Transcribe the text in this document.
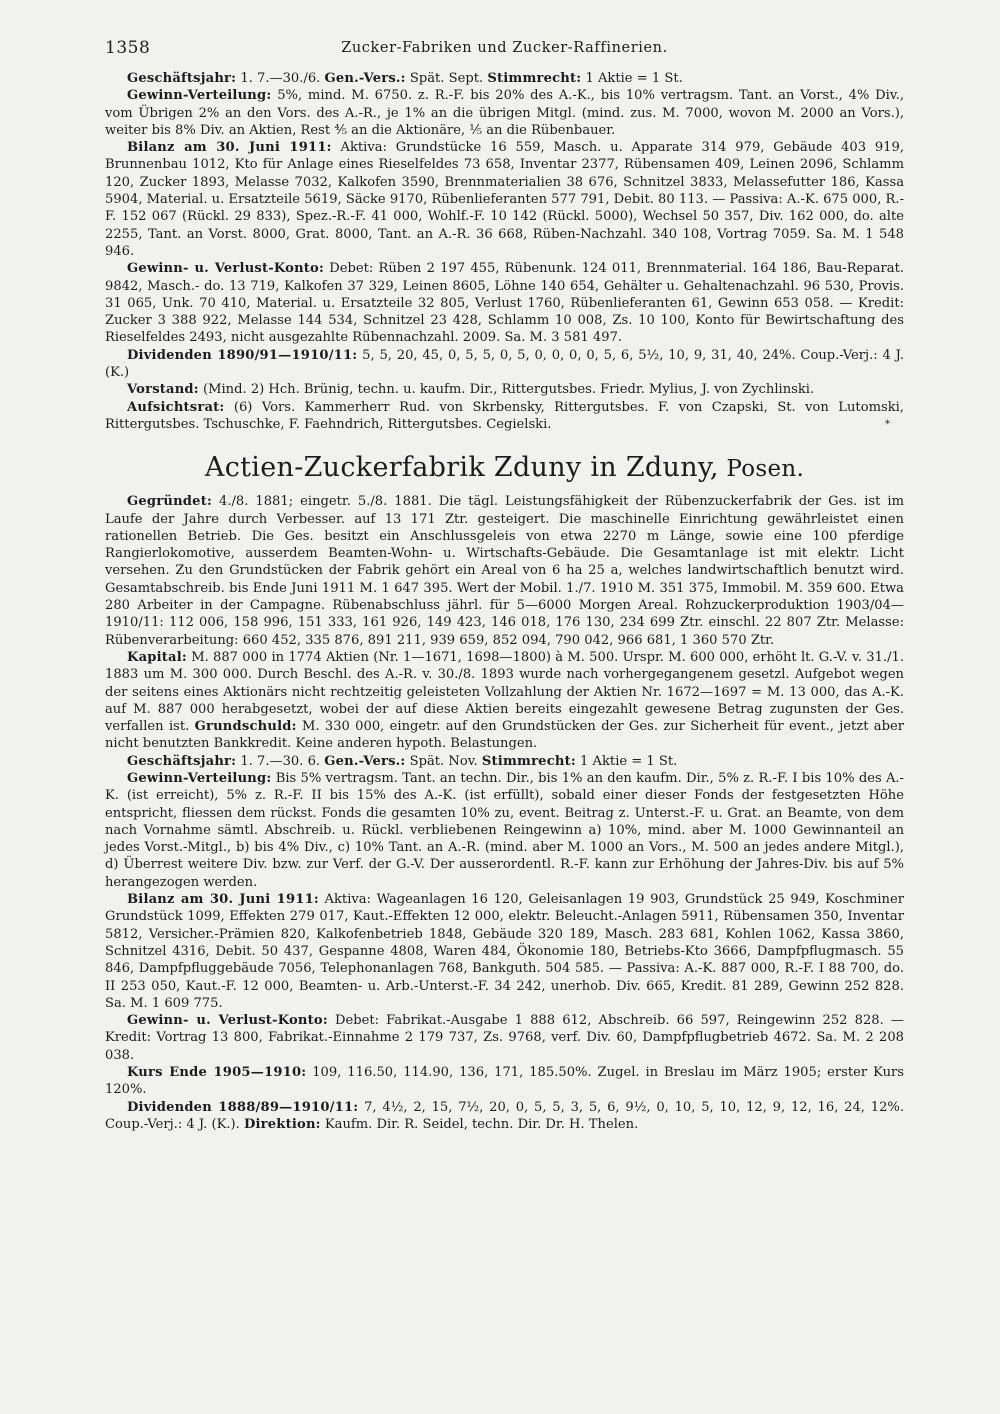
1358	Zucker-Fabriken und Zucker-Raffinerien.

Geschäftsjahr: 1. 7.—30./6. Gen.-Vers.: Spät. Sept. Stimmrecht: 1 Aktie = 1 St.

Gewinn-Verteilung: 5%, mind. M. 6750. z. R.-F. bis 20% des A.-K., bis 10% vertragsm. Tant. an Vorst., 4% Div., vom Übrigen 2% an den Vors. des A.-R., je 1% an die übrigen Mitgl. (mind. zus. M. 7000, wovon M. 2000 an Vors.), weiter bis 8% Div. an Aktien, Rest ⅘ an die Aktionäre, ⅕ an die Rübenbauer.

Bilanz am 30. Juni 1911: Aktiva: Grundstücke 16 559, Masch. u. Apparate 314 979, Gebäude 403 919, Brunnenbau 1012, Kto für Anlage eines Rieselfeldes 73 658, Inventar 2377, Rübensamen 409, Leinen 2096, Schlamm 120, Zucker 1893, Melasse 7032, Kalkofen 3590, Brennmaterialien 38 676, Schnitzel 3833, Melassefutter 186, Kassa 5904, Material. u. Ersatzteile 5619, Säcke 9170, Rübenlieferanten 577 791, Debit. 80 113. — Passiva: A.-K. 675 000, R.-F. 152 067 (Rückl. 29 833), Spez.-R.-F. 41 000, Wohlf.-F. 10 142 (Rückl. 5000), Wechsel 50 357, Div. 162 000, do. alte 2255, Tant. an Vorst. 8000, Grat. 8000, Tant. an A.-R. 36 668, Rüben-Nachzahl. 340 108, Vortrag 7059. Sa. M. 1 548 946.

Gewinn- u. Verlust-Konto: Debet: Rüben 2 197 455, Rübenunk. 124 011, Brennmaterial. 164 186, Bau-Reparat. 9842, Masch.- do. 13 719, Kalkofen 37 329, Leinen 8605, Löhne 140 654, Gehälter u. Gehaltenachzahl. 96 530, Provis. 31 065, Unk. 70 410, Material. u. Ersatzteile 32 805, Verlust 1760, Rübenlieferanten 61, Gewinn 653 058. — Kredit: Zucker 3 388 922, Melasse 144 534, Schnitzel 23 428, Schlamm 10 008, Zs. 10 100, Konto für Bewirtschaftung des Rieselfeldes 2493, nicht ausgezahlte Rübennachzahl. 2009. Sa. M. 3 581 497.

Dividenden 1890/91—1910/11: 5, 5, 20, 45, 0, 5, 5, 0, 5, 0, 0, 0, 0, 5, 6, 5½, 10, 9, 31, 40, 24%. Coup.-Verj.: 4 J. (K.)

Vorstand: (Mind. 2) Hch. Brünig, techn. u. kaufm. Dir., Rittergutsbes. Friedr. Mylius, J. von Zychlinski.

Aufsichtsrat: (6) Vors. Kammerherr Rud. von Skrbensky, Rittergutsbes. F. von Czapski, St. von Lutomski, Rittergutsbes. Tschuschke, F. Faehndrich, Rittergutsbes. Cegielski.	*

Actien-Zuckerfabrik Zduny in Zduny, Posen.

Gegründet: 4./8. 1881; eingetr. 5./8. 1881. Die tägl. Leistungsfähigkeit der Rübenzuckerfabrik der Ges. ist im Laufe der Jahre durch Verbesser. auf 13 171 Ztr. gesteigert. Die maschinelle Einrichtung gewährleistet einen rationellen Betrieb. Die Ges. besitzt ein Anschlussgeleis von etwa 2270 m Länge, sowie eine 100 pferdige Rangierlokomotive, ausserdem Beamten-Wohn- u. Wirtschafts-Gebäude. Die Gesamtanlage ist mit elektr. Licht versehen. Zu den Grundstücken der Fabrik gehört ein Areal von 6 ha 25 a, welches landwirtschaftlich benutzt wird. Gesamtabschreib. bis Ende Juni 1911 M. 1 647 395. Wert der Mobil. 1./7. 1910 M. 351 375, Immobil. M. 359 600. Etwa 280 Arbeiter in der Campagne. Rübenabschluss jährl. für 5—6000 Morgen Areal. Rohzuckerproduktion 1903/04—1910/11: 112 006, 158 996, 151 333, 161 926, 149 423, 146 018, 176 130, 234 699 Ztr. einschl. 22 807 Ztr. Melasse: Rübenverarbeitung: 660 452, 335 876, 891 211, 939 659, 852 094, 790 042, 966 681, 1 360 570 Ztr.

Kapital: M. 887 000 in 1774 Aktien (Nr. 1—1671, 1698—1800) à M. 500. Urspr. M. 600 000, erhöht lt. G.-V. v. 31./1. 1883 um M. 300 000. Durch Beschl. des A.-R. v. 30./8. 1893 wurde nach vorhergegangenem gesetzl. Aufgebot wegen der seitens eines Aktionärs nicht rechtzeitig geleisteten Vollzahlung der Aktien Nr. 1672—1697 = M. 13 000, das A.-K. auf M. 887 000 herabgesetzt, wobei der auf diese Aktien bereits eingezahlt gewesene Betrag zugunsten der Ges. verfallen ist. Grundschuld: M. 330 000, eingetr. auf den Grundstücken der Ges. zur Sicherheit für event., jetzt aber nicht benutzten Bankkredit. Keine anderen hypoth. Belastungen.

Geschäftsjahr: 1. 7.—30. 6. Gen.-Vers.: Spät. Nov. Stimmrecht: 1 Aktie = 1 St.

Gewinn-Verteilung: Bis 5% vertragsm. Tant. an techn. Dir., bis 1% an den kaufm. Dir., 5% z. R.-F. I bis 10% des A.-K. (ist erreicht), 5% z. R.-F. II bis 15% des A.-K. (ist erfüllt), sobald einer dieser Fonds der festgesetzten Höhe entspricht, fliessen dem rückst. Fonds die gesamten 10% zu, event. Beitrag z. Unterst.-F. u. Grat. an Beamte, von dem nach Vornahme sämtl. Abschreib. u. Rückl. verbliebenen Reingewinn a) 10%, mind. aber M. 1000 Gewinnanteil an jedes Vorst.-Mitgl., b) bis 4% Div., c) 10% Tant. an A.-R. (mind. aber M. 1000 an Vors., M. 500 an jedes andere Mitgl.), d) Überrest weitere Div. bzw. zur Verf. der G.-V. Der ausserordentl. R.-F. kann zur Erhöhung der Jahres-Div. bis auf 5% herangezogen werden.

Bilanz am 30. Juni 1911: Aktiva: Wageanlagen 16 120, Geleisanlagen 19 903, Grundstück 25 949, Koschminer Grundstück 1099, Effekten 279 017, Kaut.-Effekten 12 000, elektr. Beleucht.-Anlagen 5911, Rübensamen 350, Inventar 5812, Versicher.-Prämien 820, Kalkofenbetrieb 1848, Gebäude 320 189, Masch. 283 681, Kohlen 1062, Kassa 3860, Schnitzel 4316, Debit. 50 437, Gespanne 4808, Waren 484, Ökonomie 180, Betriebs-Kto 3666, Dampfpflugmasch. 55 846, Dampfpfluggebäude 7056, Telephonanlagen 768, Bankguth. 504 585. — Passiva: A.-K. 887 000, R.-F. I 88 700, do. II 253 050, Kaut.-F. 12 000, Beamten- u. Arb.-Unterst.-F. 34 242, unerhob. Div. 665, Kredit. 81 289, Gewinn 252 828. Sa. M. 1 609 775.

Gewinn- u. Verlust-Konto: Debet: Fabrikat.-Ausgabe 1 888 612, Abschreib. 66 597, Reingewinn 252 828. — Kredit: Vortrag 13 800, Fabrikat.-Einnahme 2 179 737, Zs. 9768, verf. Div. 60, Dampfpflugbetrieb 4672. Sa. M. 2 208 038.

Kurs Ende 1905—1910: 109, 116.50, 114.90, 136, 171, 185.50%. Zugel. in Breslau im März 1905; erster Kurs 120%.

Dividenden 1888/89—1910/11: 7, 4½, 2, 15, 7½, 20, 0, 5, 5, 3, 5, 6, 9½, 0, 10, 5, 10, 12, 9, 12, 16, 24, 12%. Coup.-Verj.: 4 J. (K.). Direktion: Kaufm. Dir. R. Seidel, techn. Dir. Dr. H. Thelen.
